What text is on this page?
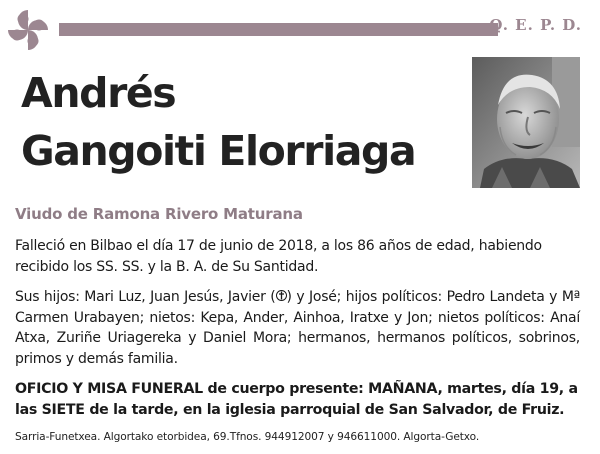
Q. E. P. D.
Andrés
Gangoiti Elorriaga
Viudo de Ramona Rivero Maturana
Falleció en Bilbao el día 17 de junio de 2018, a los 86 años de edad, habiendo recibido los SS. SS. y la B. A. de Su Santidad.
Sus hijos: Mari Luz, Juan Jesús, Javier ( ) y José; hijos políticos: Pedro Landeta y Mª Carmen Urabayen; nietos: Kepa, Ander, Ainhoa, Iratxe y Jon; nietos políticos: Anaí Atxa, Zuriñe Uriagereka y Daniel Mora; hermanos, hermanos políticos, sobrinos, primos y demás familia.
OFICIO Y MISA FUNERAL de cuerpo presente: MAÑANA, martes, día 19, a las SIETE de la tarde, en la iglesia parroquial de San Salvador, de Fruiz.
Sarria-Funetxea. Algortako etorbidea, 69.Tfnos. 944912007 y 946611000. Algorta-Getxo.
